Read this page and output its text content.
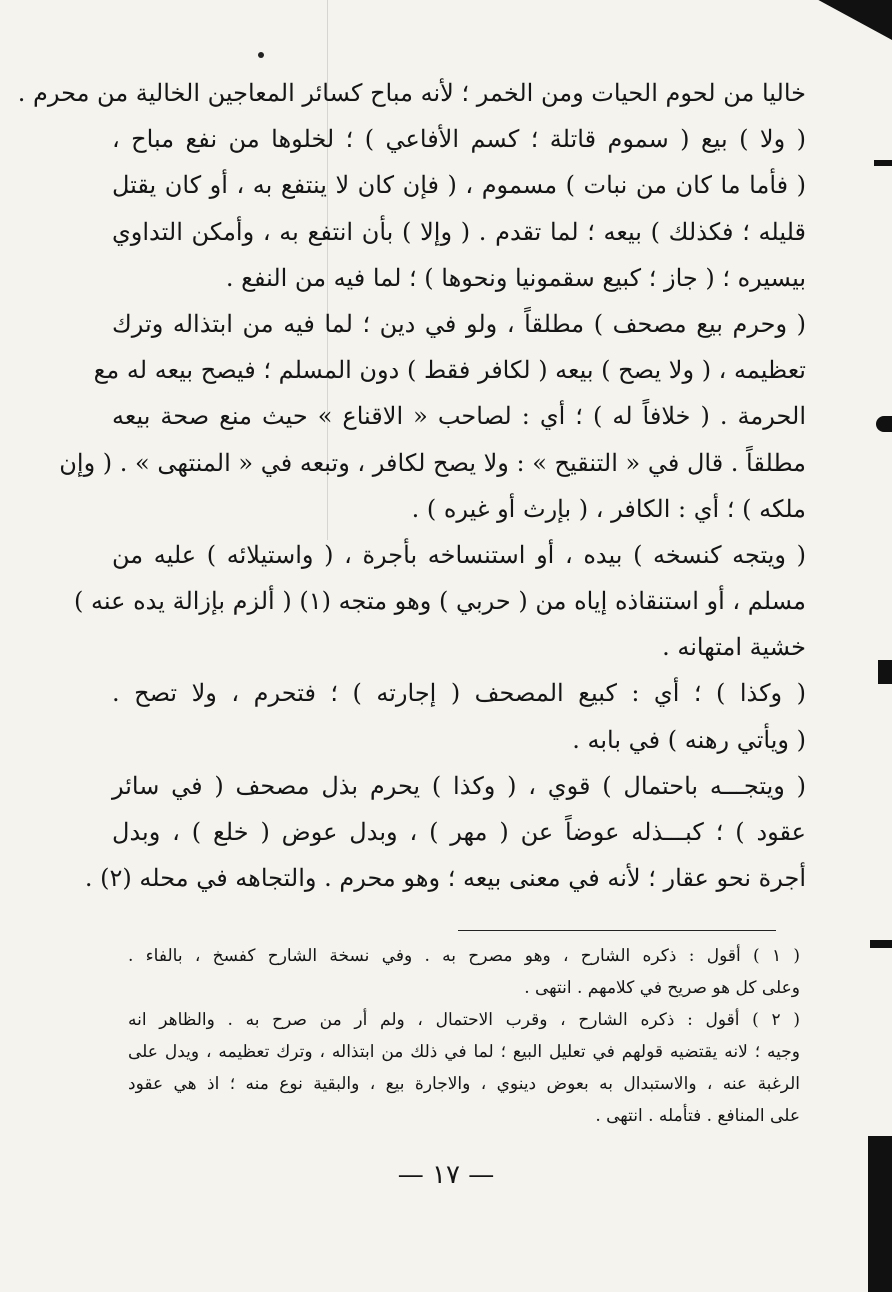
خاليا من لحوم الحيات ومن الخمر ؛ لأنه مباح كسائر المعاجين الخالية من محرم .
( ولا ) بيع ( سموم قاتلة ؛ كسم الأفاعي ) ؛ لخلوها من نفع مباح ،
( فأما ما كان من نبات ) مسموم ، ( فإن كان لا ينتفع به ، أو كان يقتل
قليله ؛ فكذلك ) بيعه ؛ لما تقدم . ( وإلا ) بأن انتفع به ، وأمكن التداوي
بيسيره ؛ ( جاز ؛ كبيع سقمونيا ونحوها ) ؛ لما فيه من النفع .
( وحرم بيع مصحف ) مطلقاً ، ولو في دين ؛ لما فيه من ابتذاله وترك
تعظيمه ، ( ولا يصح ) بيعه ( لكافر فقط ) دون المسلم ؛ فيصح بيعه له مع
الحرمة . ( خلافاً له ) ؛ أي : لصاحب « الاقناع » حيث منع صحة بيعه
مطلقاً . قال في « التنقيح » : ولا يصح لكافر ، وتبعه في « المنتهى » . ( وإن
ملكه ) ؛ أي : الكافر ، ( بإرث أو غيره ) .
( ويتجه كنسخه ) بيده ، أو استنساخه بأجرة ، ( واستيلائه ) عليه من
مسلم ، أو استنقاذه إياه من ( حربي ) وهو متجه (١) ( ألزم بإزالة يده عنه )
خشية امتهانه .
( وكذا ) ؛ أي : كبيع المصحف ( إجارته ) ؛ فتحرم ، ولا تصح .
( ويأتي رهنه ) في بابه .
( ويتجـــه باحتمال ) قوي ، ( وكذا ) يحرم بذل مصحف ( في سائر
عقود ) ؛ كبـــذله عوضاً عن ( مهر ) ، وبدل عوض ( خلع ) ، وبدل
أجرة نحو عقار ؛ لأنه في معنى بيعه ؛ وهو محرم . والتجاهه في محله (٢) .
( ١ ) أقول : ذكره الشارح ، وهو مصرح به . وفي نسخة الشارح كفسخ ، بالفاء .
وعلى كل هو صريح في كلامهم . انتهى .
( ٢ ) أقول : ذكره الشارح ، وقرب الاحتمال ، ولم أر من صرح به . والظاهر انه
وجيه ؛ لانه يقتضيه قولهم في تعليل البيع ؛ لما في ذلك من ابتذاله ، وترك تعظيمه ، ويدل على
الرغبة عنه ، والاستبدال به بعوض دينوي ، والاجارة بيع ، والبقية نوع منه ؛ اذ هي عقود
على المنافع . فتأمله . انتهى .
— ١٧ —
